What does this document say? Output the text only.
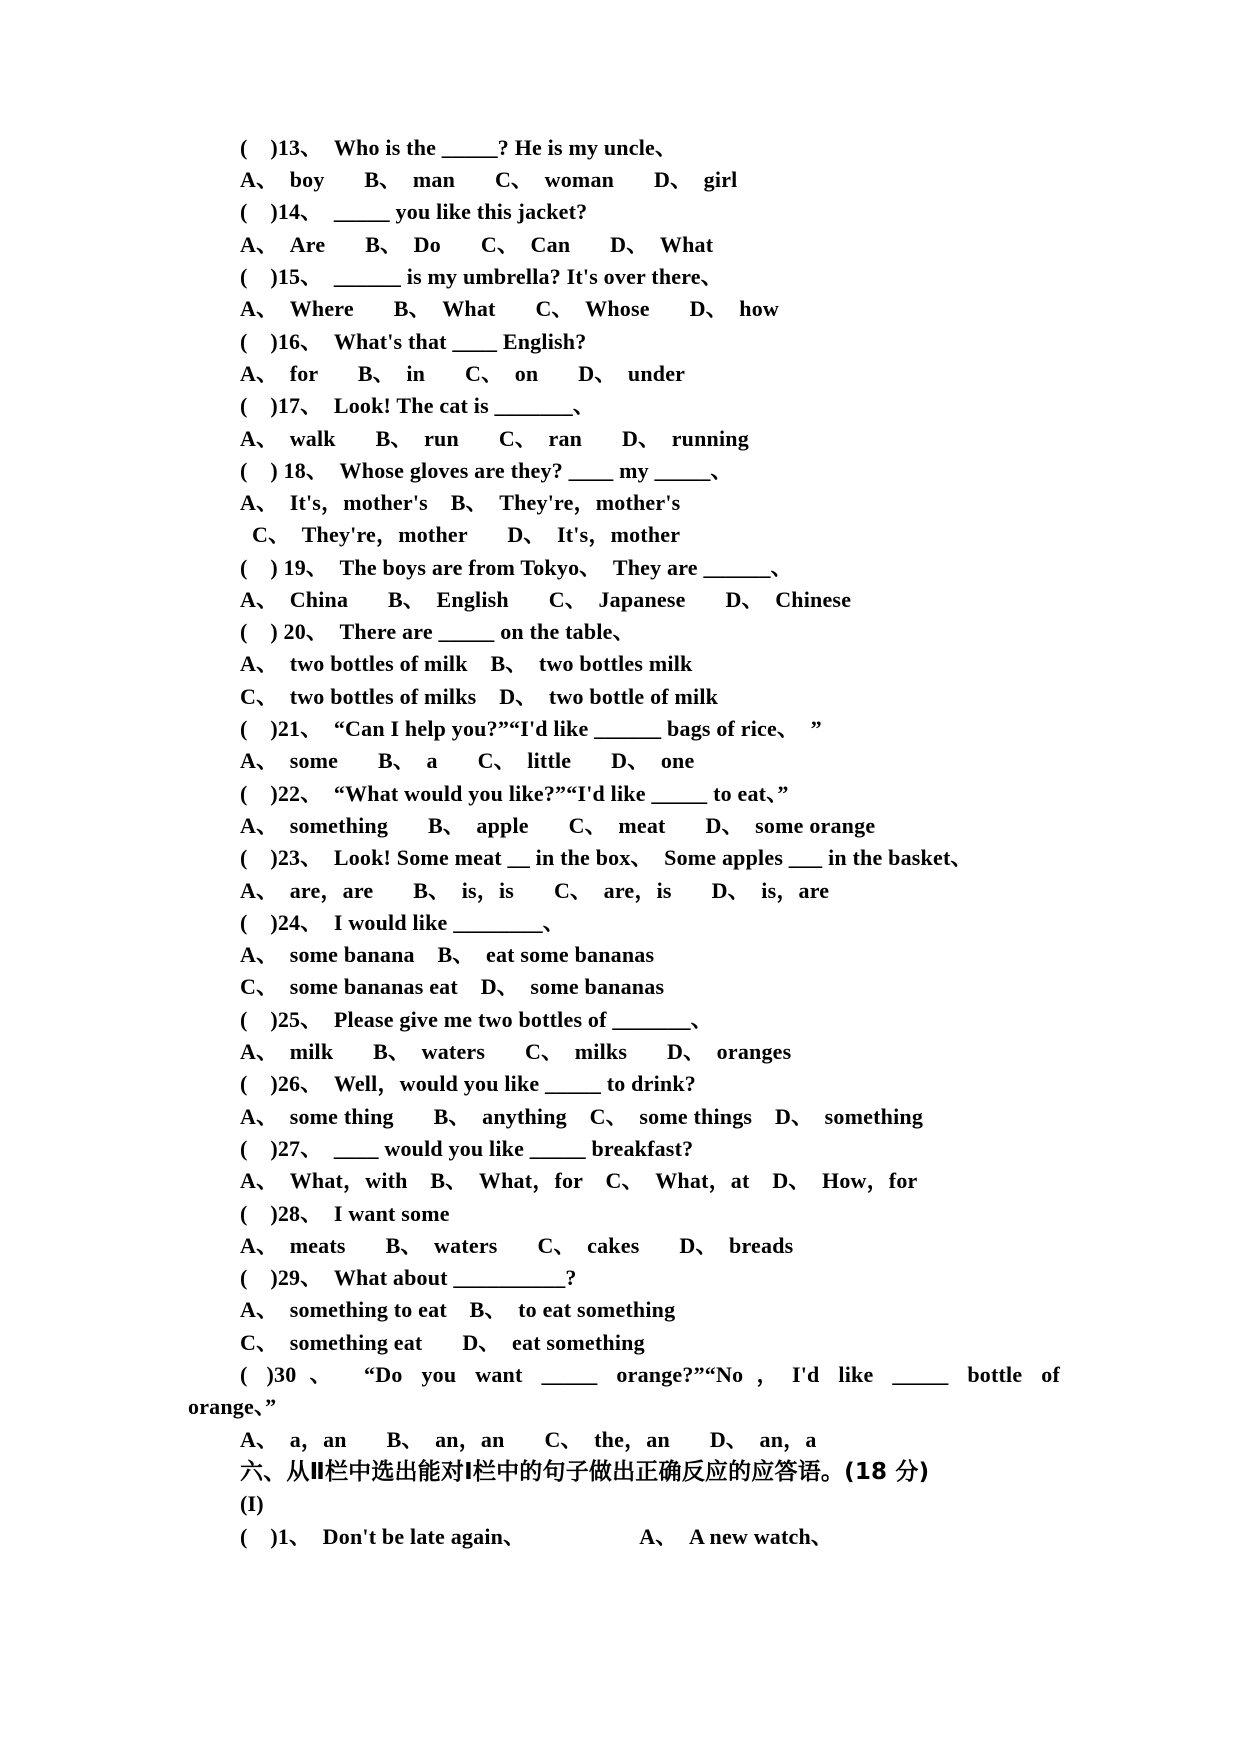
(    )13、  Who is the _____? He is my uncle、
A、  boy       B、  man       C、  woman       D、  girl
(    )14、  _____ you like this jacket?
A、  Are       B、  Do       C、  Can       D、  What
(    )15、  ______ is my umbrella? It's over there、
A、  Where       B、  What       C、  Whose       D、  how
(    )16、  What's that ____ English?
A、  for       B、  in       C、  on       D、  under
(    )17、  Look! The cat is _______、
A、  walk       B、  run       C、  ran       D、  running
(    ) 18、  Whose gloves are they? ____ my _____、
A、  It's，mother's    B、  They're，mother's
C、  They're，mother       D、  It's，mother
(    ) 19、  The boys are from Tokyo、  They are ______、
A、  China       B、  English       C、  Japanese       D、  Chinese
(    ) 20、  There are _____ on the table、
A、  two bottles of milk    B、  two bottles milk
C、  two bottles of milks    D、  two bottle of milk
(    )21、  “Can I help you?”“I'd like ______ bags of rice、  ”
A、  some       B、  a       C、  little       D、  one
(    )22、  “What would you like?”“I'd like _____ to eat、”
A、  something       B、  apple       C、  meat       D、  some orange
(    )23、  Look! Some meat __ in the box、  Some apples ___ in the basket、
A、  are，are       B、  is，is       C、  are，is       D、  is，are
(    )24、  I would like ________、
A、  some banana    B、  eat some bananas
C、  some bananas eat    D、  some bananas
(    )25、  Please give me two bottles of _______、
A、  milk       B、  waters       C、  milks       D、  oranges
(    )26、  Well，would you like _____ to drink?
A、  some thing       B、  anything    C、  some things    D、  something
(    )27、  ____ would you like _____ breakfast?
A、  What，with    B、  What，for    C、  What，at    D、  How，for
(    )28、  I want some
A、  meats       B、  waters       C、  cakes       D、  breads
(    )29、  What about __________?
A、  something to eat    B、  to eat something
C、  something eat       D、  eat something
( )30、 “Do you want _____ orange?”“No，I'd like _____ bottle of
orange、”
A、  a，an       B、  an，an       C、  the，an       D、  an，a
六、从Ⅱ栏中选出能对Ⅰ栏中的句子做出正确反应的应答语。(18 分)
(I)
(    )1、  Don't be late again、                    A、  A new watch、
